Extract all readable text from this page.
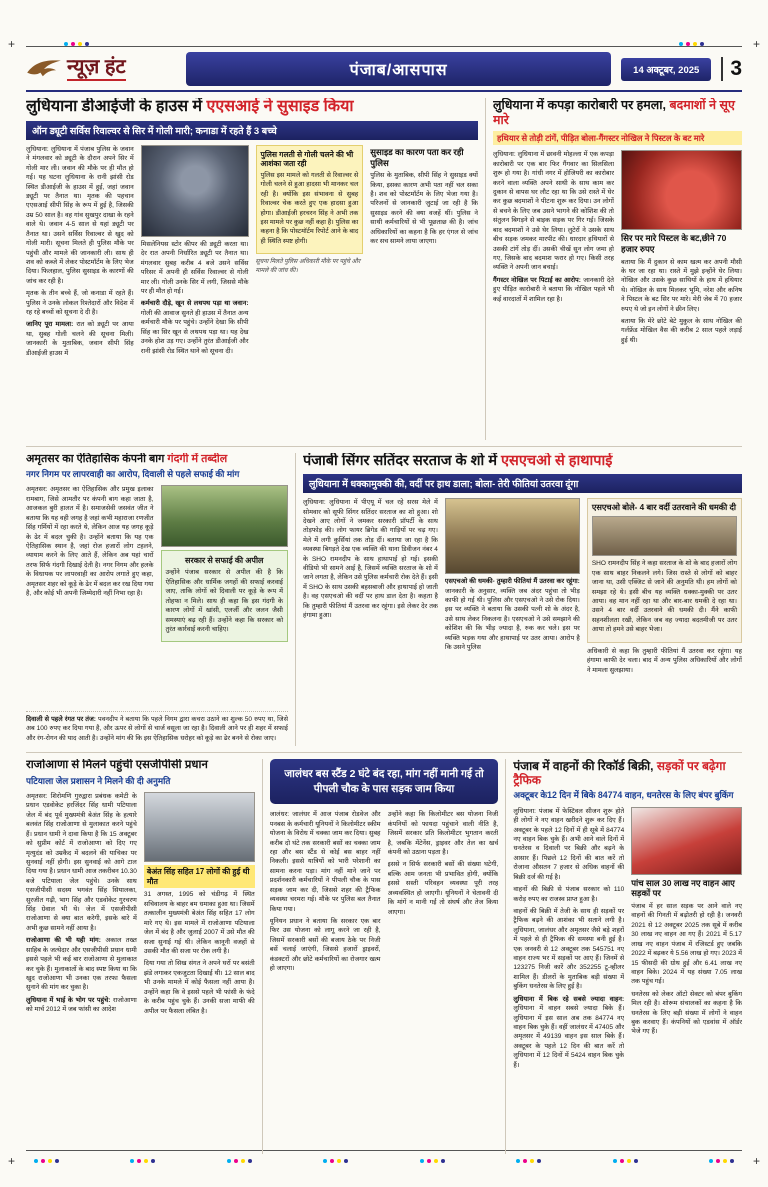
+	+
+	+
न्यूज़ हंट	पंजाब/आसपास	14 अक्टूबर, 2025	3
लुधियाना डीआईजी के हाउस में एएसआई ने सुसाइड किया
ऑन ड्यूटी सर्विस रिवाल्वर से सिर में गोली मारी; कनाडा में रहते हैं 3 बच्चे

लुधियाना: लुधियाना में पंजाब पुलिस के जवान ने मंगलवार को ड्यूटी के दौरान अपने सिर में गोली मार ली। जवान की मौके पर ही मौत हो गई। यह घटना लुधियाना के रानी झांसी रोड स्थित डीआईजी के हाउस में हुई, जहां जवान ड्यूटी पर तैनात था। मृतक की पहचान एएसआई सीपी सिंह के रूप में हुई है, जिसकी उम्र 50 साल है। वह गांव सुखपुर दाखा के रहने वाले थे। जवान 4-5 साल से यहां ड्यूटी पर तैनात था। उसने सर्विस रिवाल्वर से खुद को गोली मारी। सूचना मिलते ही पुलिस मौके पर पहुंची और मामले की जानकारी ली। साथ ही शव को कब्जे में लेकर पोस्टमॉर्टम के लिए भेज दिया। फिलहाल, पुलिस सुसाइड के कारणों की जांच कर रही है।

मृतक के तीन बच्चे हैं, जो कनाडा में रहते हैं। पुलिस ने उनके लोकल रिश्तेदारों और विदेश में रह रहे बच्चों को सूचना दे दी है।

जानिए पूरा मामला: रात को ड्यूटी पर आया था, सुबह गोली चलने की सूचना मिली। जानकारी के मुताबिक, जवान सीपी सिंह डीआईजी हाउस में

मिसलेनियस स्टोर कीपर की ड्यूटी करता था। देर रात अपनी निर्धारित ड्यूटी पर तैनात था। मंगलवार सुबह करीब 4 बजे उसने सर्विस परिसर में अपनी ही सर्विस रिवाल्वर से गोली मार ली। गोली उनके सिर में लगी, जिससे मौके पर ही मौत हो गई।

कर्मचारी दौड़े, खून से लथपथ पड़ा था जवान: गोली की आवाज सुनते ही हाउस में तैनात अन्य कर्मचारी मौके पर पहुंचे। उन्होंने देखा कि सीपी सिंह का सिर खून से लथपथ पड़ा था। यह देख उनके होश उड़ गए। उन्होंने तुरंत डीआईजी और रानी झांसी रोड स्थित थाने को सूचना दी।

पुलिस गलती से गोली चलने की भी आशंका जता रही

पुलिस इस मामले को गलती से रिवाल्वर से गोली चलने से हुआ हादसा भी मानकर चल रही है। क्योंकि इस संभावना से सुबह रिवाल्वर चेक करते हुए एक हादसा हुआ होगा। डीआईजी हरचरन सिंह ने अभी तक इस मामले पर कुछ नहीं कहा है। पुलिस का कहना है कि पोस्टमॉर्टम रिपोर्ट आने के बाद ही स्थिति स्पष्ट होगी।

सूचना मिलते पुलिस अधिकारी मौके पर पहुंचे और मामले की जांच की।

सुसाइड का कारण पता कर रही पुलिस

पुलिस के मुताबिक, सीपी सिंह ने सुसाइड क्यों किया, इसका कारण अभी पता नहीं चल सका है। शव को पोस्टमॉर्टम के लिए भेजा गया है। परिजनों से जानकारी जुटाई जा रही है कि सुसाइड करने की क्या वजहें थीं। पुलिस ने साथी कर्मचारियों से भी पूछताछ की है। जांच अधिकारियों का कहना है कि हर एंगल से जांच कर सच सामने लाया जाएगा।

लुधियाना में कपड़ा कारोबारी पर हमला, बदमाशों ने सूए मारे
हथियार से तोड़ी टांगें, पीड़ित बोला-गैंगस्टर नोखिल ने पिस्टल के बट मारे

लुधियाना: लुधियाना में छावनी मोहल्ला में एक कपड़ा कारोबारी पर एक बार फिर गैंगवार का सिलसिला शुरू हो गया है। गांधी नगर में होजियरी का कारोबार करने वाला व्यक्ति अपने साथी के साथ काम कर दुकान से वापस घर लौट रहा था कि उसे रास्ते में घेर कर कुछ बदमाशों ने पीटना शुरू कर दिया। उन लोगों से बचने के लिए जब उसने भागने की कोशिश की तो संतुलन बिगड़ने से बाइक सड़क पर गिर गई। जिसके बाद बदमाशों ने उसे घेर लिया। लुटेरों ने उसके साथ बीच सड़क जमकर मारपीट की। धारदार हथियारों से उसकी टांगें तोड़ दीं। उसकी चीखें सुन लोग जमा हो गए, जिसके बाद बदमाश फरार हो गए। किसी तरह व्यक्ति ने अपनी जान बचाई।

गैंगस्टर नोखिल पर पिटाई का आरोप: जानकारी देते हुए पीड़ित कारोबारी ने बताया कि नोखिल पहले भी कई वारदातों में शामिल रहा है।

सिर पर मारे पिस्टल के बट,छीने 70 हजार रुपए

बताया कि मैं दुकान से काम खत्म कर अपनी मौसी के घर जा रहा था। रास्ते में मुझे इन्होंने घेर लिया। नोखिल और उसके कुछ साथियों के हाथ में हथियार थे। नोखिल के साथ मिलकर भूमि, नरेश और कनिष ने पिस्टल के बट सिर पर मारे। मेरी जेब में 70 हजार रुपए थे जो इन लोगों ने छीन लिए।

बताया कि मेरे छोटे बेटे मुकुल के साथ नोखिल की गर्लफ्रेंड मोखिल वैस की करीब 2 साल पहले लड़ाई हुई थी।

अमृतसर का ऐतिहासिक कंपनी बाग गंदगी में तब्दील
नगर निगम पर लापरवाही का आरोप, दिवाली से पहले सफाई की मांग

अमृतसर: अमृतसर का ऐतिहासिक और प्रमुख इलाका रामबाग, जिसे आमतौर पर कंपनी बाग कहा जाता है, आजकल बुरी हालत में है। समाजसेवी जसवंत जीत ने बताया कि यह वही जगह है जहां कभी महाराजा रणजीत सिंह गर्मियों में रहा करते थे, लेकिन आज यह जगह कूड़े के ढेर में बदल चुकी है। उन्होंने बताया कि यह एक ऐतिहासिक स्थान है, जहां रोज हजारों लोग टहलने, व्यायाम करने के लिए आते हैं, लेकिन अब यहां चारों तरफ सिर्फ गंदगी दिखाई देती है। नगर निगम और हलके के विधायक पर लापरवाही का आरोप लगाते हुए कहा, अमृतसर शहर को कूड़े के ढेर में बदल कर रख दिया गया है, और कोई भी अपनी जिम्मेदारी नहीं निभा रहा है।

सरकार से सफाई की अपील

उन्होंने पंजाब सरकार से अपील की है कि ऐतिहासिक और धार्मिक जगहों की सफाई करवाई जाए, ताकि लोगों को दिवाली पर कूड़े के रूप में तोहफा न मिले। साथ ही कहा कि इस गंदगी के कारण लोगों में खांसी, एलर्जी और जलन जैसी समस्याएं बढ़ रही हैं। उन्होंने कहा कि सरकार को तुरंत कार्रवाई करनी चाहिए।

दिवाली से पहले रंगत पर तंज: पवनदीप ने बताया कि पहले निगम द्वारा कचरा उठाने का शुल्क 50 रुपए था, जिसे अब 100 रुपए कर दिया गया है, और ऊपर से लोगों से चार्ज वसूला जा रहा है। दिवाली आने पर ही शहर में सफाई और रंग-रोगन की याद आती है। उन्होंने मांग की कि इस ऐतिहासिक धरोहर को कूड़े का ढेर बनने से रोका जाए।

पंजाबी सिंगर सतिंदर सरताज के शो में एसएचओ से हाथापाई
लुधियाना में धक्कामुक्की की, वर्दी पर हाथ डाला; बोला- तेरी फीतियां उतरवा दूंगा

लुधियाना: लुधियाना में पीएयू में चल रहे सरस मेले में सोमवार को सूफी सिंगर सतिंदर सरताज का शो हुआ। शो देखने आए लोगों ने जमकर सरकारी प्रॉपर्टी के साथ तोड़फोड़ की। लोग फायर ब्रिगेड की गाड़ियों पर चढ़ गए। मेले में लगी कुर्सियां तक तोड़ दीं। बताया जा रहा है कि व्यवस्था बिगड़ते देख एक व्यक्ति की थाना डिवीजन नंबर 4 के SHO रामनदीप के साथ हाथापाई हो गई। इसकी वीडियो भी सामने आई है, जिसमें व्यक्ति सरताज के शो में जाने लगता है, लेकिन उसे पुलिस कर्मचारी रोक देते हैं। इसी में SHO के साथ उसकी बहसबाजी और हाथापाई हो जाती है। वह एसएचओ की वर्दी पर हाथ डाल देता है। कहता है कि तुम्हारी फीतियां मैं उतरवा कर रहूंगा। इसे लेकर देर तक हंगामा हुआ।

एसएचओ की धमकी- तुम्हारी फीतियां मैं उतरवा कर रहूंगा: जानकारी के अनुसार, व्यक्ति जब अंदर पहुंचा तो भीड़ काफी हो गई थी। पुलिस और एसएचओ ने उसे रोक दिया। इस पर व्यक्ति ने बताया कि उसकी पत्नी शो के अंदर है, उसे साथ लेकर निकलना है। एसएचओ ने उसे समझाने की कोशिश की कि भीड़ ज्यादा है, रुक कर चले। इस पर व्यक्ति भड़क गया और हाथापाई पर उतर आया। आरोप है कि उसने पुलिस

एसएचओ बोले- 4 बार वर्दी उतरवाने की धमकी दी

SHO रामनदीप सिंह ने कहा सरताज के शो के बाद हजारों लोग एक साथ बाहर निकलने लगे। जिस रास्ते से लोगों को बाहर जाना था, उसी एक्जिट से जाने की अनुमति थी। हम लोगों को समझा रहे थे। इसी बीच यह व्यक्ति धक्का-मुक्की पर उतर आया। वह मान नहीं रहा था और बार-बार धमकी दे रहा था। उसने 4 बार वर्दी उतरवाने की धमकी दी। मैंने काफी सहनशीलता रखी, लेकिन जब वह ज्यादा बदतमीजी पर उतर आया तो हमने उसे बाहर भेजा।

अधिकारी से कहा कि तुम्हारी फीतियां मैं उतरवा कर रहूंगा। यह हंगामा काफी देर चला। बाद में अन्य पुलिस अधिकारियों और लोगों ने मामला सुलझाया।

राजोआणा से मिलने पहुंची एसजीपीसी प्रधान
पटियाला जेल प्रशासन ने मिलने की दी अनुमति

अमृतसर: शिरोमणि गुरुद्वारा प्रबंधक कमेटी के प्रधान एडवोकेट हरजिंदर सिंह धामी पटियाला जेल में बंद पूर्व मुख्यमंत्री बेअंत सिंह के हत्यारे बलवंत सिंह राजोआणा से मुलाकात करने पहुंचे हैं। प्रधान धामी ने दावा किया है कि 15 अक्टूबर को सुप्रीम कोर्ट में राजोआणा को दिए गए मृत्युदंड को उम्रकैद में बदलने की याचिका पर सुनवाई नहीं होगी। इस सुनवाई को आगे टाल दिया गया है। प्रधान धामी आज तकरीबन 10.30 बजे पटियाला जेल पहुंचे। उनके साथ एसजीपीसी सदस्य भगवंत सिंह सियालका, सुरजीत गढ़ी, भाग सिंह और एडवोकेट गुरचरण सिंह ग्रेवाल भी थे। जेल में एसजीपीसी राजोआणा से क्या बात करेगी, इसके बारे में अभी कुछ सामने नहीं आया है।

राजोआणा की भी यही मांग: अकाल तख्त साहिब के जत्थेदार और एसजीपीसी प्रधान धामी इससे पहले भी कई बार राजोआणा से मुलाकात कर चुके हैं। मुलाकातों के बाद स्पष्ट किया था कि खुद राजोआणा भी उनका एक तरफा फैसला सुनाने की मांग कर चुका है।

लुधियाना में भाई के भोग पर पहुंचे: राजोआणा को मार्च 2012 में जब फांसी का आदेश

बेअंत सिंह सहित 17 लोगों की हुई थी मौत

31 अगस्त, 1995 को चंडीगढ़ में स्थित सचिवालय के बाहर बम धमाका हुआ था। जिसमें तत्कालीन मुख्यमंत्री बेअंत सिंह सहित 17 लोग मारे गए थे। इस मामले में राजोआणा पटियाला जेल में बंद है और जुलाई 2007 में उसे मौत की सजा सुनाई गई थी। लेकिन कानूनी वजहों से उसकी मौत की सजा पर रोक लगी है।

दिया गया तो सिख संगत ने अपने घरों पर बसंती झंडे लगाकर एकजुटता दिखाई थी। 12 साल बाद भी उनके मामले में कोई फैसला नहीं आया है। उन्होंने कहा कि वे इससे पहले भी फांसी के फंदे के करीब पहुंच चुके हैं। उनकी सजा माफी की अपील पर फैसला लंबित है।

जालंधर बस स्टैंड 2 घंटे बंद रहा, मांग नहीं मानी गई तो पीपली चौक के पास सड़क जाम किया

जालंधर: जालंधर में आज पंजाब रोडवेज और पनबस के कर्मचारी यूनियनों ने किलोमीटर स्कीम योजना के विरोध में चक्का जाम कर दिया। सुबह करीब दो घंटे तक सरकारी बसों का चक्का जाम रहा और बस स्टैंड से कोई बस बाहर नहीं निकली। इससे यात्रियों को भारी परेशानी का सामना करना पड़ा। मांग नहीं माने जाने पर प्रदर्शनकारी कर्मचारियों ने पीपली चौक के पास सड़क जाम कर दी, जिससे शहर की ट्रैफिक व्यवस्था चरमरा गई। मौके पर पुलिस बल तैनात किया गया।

यूनियन प्रधान ने बताया कि सरकार एक बार फिर उस योजना को लागू करने जा रही है, जिसमें सरकारी बसों की बजाय ठेके पर निजी बसें चलाई जाएंगी, जिससे हजारों ड्राइवरों, कंडक्टरों और छोटे कर्मचारियों का रोजगार खत्म हो जाएगा।

उन्होंने कहा कि किलोमीटर बस योजना निजी कंपनियों को फायदा पहुंचाने वाली नीति है, जिसमें सरकार प्रति किलोमीटर भुगतान करती है, जबकि मेंटेनेंस, ड्राइवर और तेल का खर्च कंपनी को उठाना पड़ता है।

इससे न सिर्फ सरकारी बसों की संख्या घटेगी, बल्कि आम जनता भी प्रभावित होगी, क्योंकि इससे सस्ती परिवहन व्यवस्था पूरी तरह अव्यवस्थित हो जाएगी। यूनियनों ने चेतावनी दी कि मांगें न मानी गईं तो संघर्ष और तेज किया जाएगा।

पंजाब में वाहनों की रिकॉर्ड बिक्री, सड़कों पर बढ़ेगा ट्रैफिक
अक्टूबर के12 दिन में बिके 84774 वाहन, धनतेरस के लिए बंपर बुकिंग

लुधियाना: पंजाब में फेस्टिवल सीजन शुरू होते ही लोगों ने नए वाहन खरीदने शुरू कर दिए हैं। अक्टूबर के पहले 12 दिनों में ही सूबे में 84774 नए वाहन बिक चुके हैं। अभी आने वाले दिनों में धनतेरस व दिवाली पर बिक्री और बढ़ने के आसार हैं। पिछले 12 दिनों की बात करें तो रोजाना औसतन 7 हजार से अधिक वाहनों की बिक्री दर्ज की गई है।

वाहनों की बिक्री से पंजाब सरकार को 110 करोड़ रुपए का राजस्व प्राप्त हुआ है।

वाहनों की बिक्री में तेजी के साथ ही सड़कों पर ट्रैफिक बढ़ने की आशंका भी सताने लगी है। लुधियाना, जालंधर और अमृतसर जैसे बड़े शहरों में पहले से ही ट्रैफिक की समस्या बनी हुई है। एक जनवरी से 12 अक्टूबर तक 545751 नए वाहन राज्य भर में सड़कों पर आए हैं। जिनमें से 123275 निजी कारें और 352255 टू-व्हीलर शामिल हैं। डीलरों के मुताबिक बड़ी संख्या में बुकिंग धनतेरस के लिए हुई है।

लुधियाना में बिक रहे सबसे ज्यादा वाहन: लुधियाना में वाहन सबसे ज्यादा बिके हैं। लुधियाना में इस साल अब तक 84774 नए वाहन बिक चुके हैं। वहीं जालंधर में 47405 और अमृतसर में 49139 वाहन इस साल बिके हैं। अक्टूबर के पहले 12 दिन की बात करें तो लुधियाना में 12 दिनों में 5424 वाहन बिक चुके हैं।

पांच साल 30 लाख नए वाहन आए सड़कों पर

पंजाब में हर साल सड़क पर आने वाले नए वाहनों की गिनती में बढ़ोतरी हो रही है। जनवरी 2021 से 12 अक्टूबर 2025 तक सूबे में करीब 30 लाख नए वाहन आ गए हैं। 2021 में 5.17 लाख नए वाहन पंजाब में रजिस्टर्ड हुए जबकि 2022 में बढ़कर ये 5.56 लाख हो गए। 2023 में 15 फीसदी की ग्रोथ हुई और 6.41 लाख नए वाहन बिके। 2024 में यह संख्या 7.05 लाख तक पहुंच गई।

धनतेरस को लेकर ऑटो सेक्टर को बंपर बुकिंग मिल रही है। शोरूम संचालकों का कहना है कि धनतेरस के लिए बड़ी संख्या में लोगों ने वाहन बुक करवाए हैं। कंपनियों को एडवांस में ऑर्डर भेजे गए हैं।
